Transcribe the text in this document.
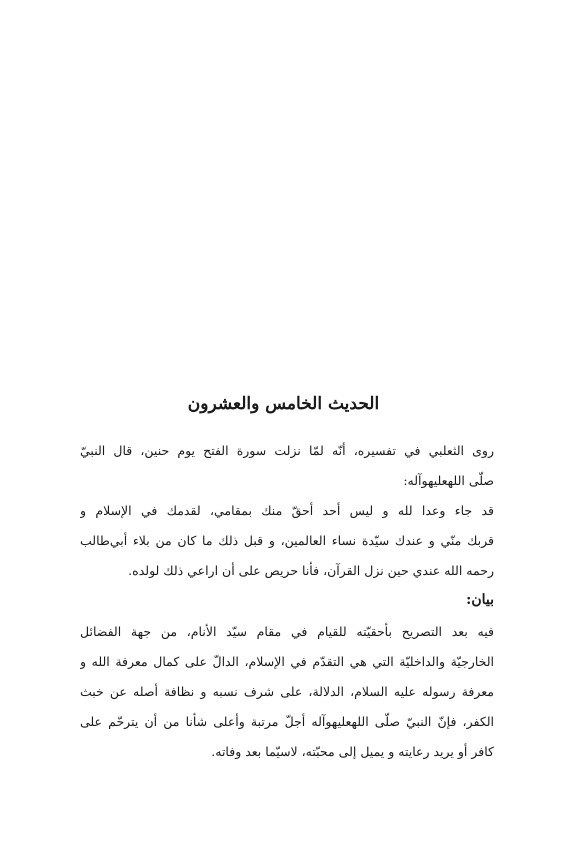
الحديث الخامس والعشرون

روى الثعلبي في تفسيره، أنّه لمّا نزلت سورة الفتح يوم حنين، قال النبيّ
صلّى اللهعليهوآله:

قد جاء وعدا لله و ليس أحد أحقّ منك بمقامي، لقدمك في الإسلام و
قربك منّي و عندك سيّدة نساء العالمين، و قبل ذلك ما كان من بلاء أبي‌طالب
رحمه الله عندي حين نزل القرآن، فأنا حريص على أن اراعي ذلك لولده.

بيان:

فيه بعد التصريح بأحقيّته للقيام في مقام سيّد الأنام، من جهة الفضائل
الخارجيّة والداخليّة التي هي التقدّم في الإسلام، الدالّ على كمال معرفة الله و
معرفة رسوله عليه السلام، الدلالة، على شرف نسبه و نظافة أصله عن خبث
الكفر، فإنّ النبيّ صلّى اللهعليهوآله أجلّ مرتبة وأعلى شأنا من أن يترحّم على
كافر أو يريد رعايته و يميل إلى محبّته، لاسيّما بعد وفاته.
